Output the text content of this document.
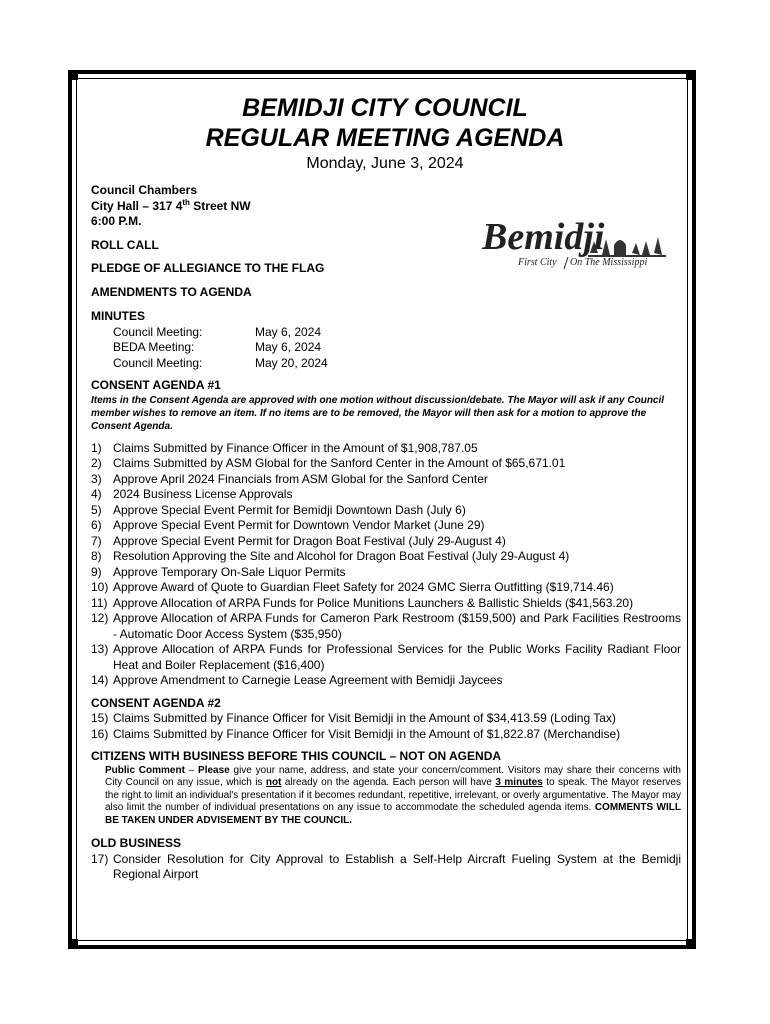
BEMIDJI CITY COUNCIL
REGULAR MEETING AGENDA
Monday, June 3, 2024
Bemidji
First City On The Mississippi
Council Chambers
City Hall – 317 4th Street NW
6:00 P.M.
ROLL CALL
PLEDGE OF ALLEGIANCE TO THE FLAG
AMENDMENTS TO AGENDA
MINUTES
Council Meeting:	May 6, 2024
BEDA Meeting:	May 6, 2024
Council Meeting:	May 20, 2024
CONSENT AGENDA #1
Items in the Consent Agenda are approved with one motion without discussion/debate. The Mayor will ask if any Council member wishes to remove an item. If no items are to be removed, the Mayor will then ask for a motion to approve the Consent Agenda.
1) Claims Submitted by Finance Officer in the Amount of $1,908,787.05
2) Claims Submitted by ASM Global for the Sanford Center in the Amount of $65,671.01
3) Approve April 2024 Financials from ASM Global for the Sanford Center
4) 2024 Business License Approvals
5) Approve Special Event Permit for Bemidji Downtown Dash (July 6)
6) Approve Special Event Permit for Downtown Vendor Market (June 29)
7) Approve Special Event Permit for Dragon Boat Festival (July 29-August 4)
8) Resolution Approving the Site and Alcohol for Dragon Boat Festival (July 29-August 4)
9) Approve Temporary On-Sale Liquor Permits
10) Approve Award of Quote to Guardian Fleet Safety for 2024 GMC Sierra Outfitting ($19,714.46)
11) Approve Allocation of ARPA Funds for Police Munitions Launchers & Ballistic Shields ($41,563.20)
12) Approve Allocation of ARPA Funds for Cameron Park Restroom ($159,500) and Park Facilities Restrooms - Automatic Door Access System ($35,950)
13) Approve Allocation of ARPA Funds for Professional Services for the Public Works Facility Radiant Floor Heat and Boiler Replacement ($16,400)
14) Approve Amendment to Carnegie Lease Agreement with Bemidji Jaycees
CONSENT AGENDA #2
15) Claims Submitted by Finance Officer for Visit Bemidji in the Amount of $34,413.59 (Loding Tax)
16) Claims Submitted by Finance Officer for Visit Bemidji in the Amount of $1,822.87 (Merchandise)
CITIZENS WITH BUSINESS BEFORE THIS COUNCIL – NOT ON AGENDA
Public Comment – Please give your name, address, and state your concern/comment. Visitors may share their concerns with City Council on any issue, which is not already on the agenda. Each person will have 3 minutes to speak. The Mayor reserves the right to limit an individual's presentation if it becomes redundant, repetitive, irrelevant, or overly argumentative. The Mayor may also limit the number of individual presentations on any issue to accommodate the scheduled agenda items. COMMENTS WILL BE TAKEN UNDER ADVISEMENT BY THE COUNCIL.
OLD BUSINESS
17) Consider Resolution for City Approval to Establish a Self-Help Aircraft Fueling System at the Bemidji Regional Airport
